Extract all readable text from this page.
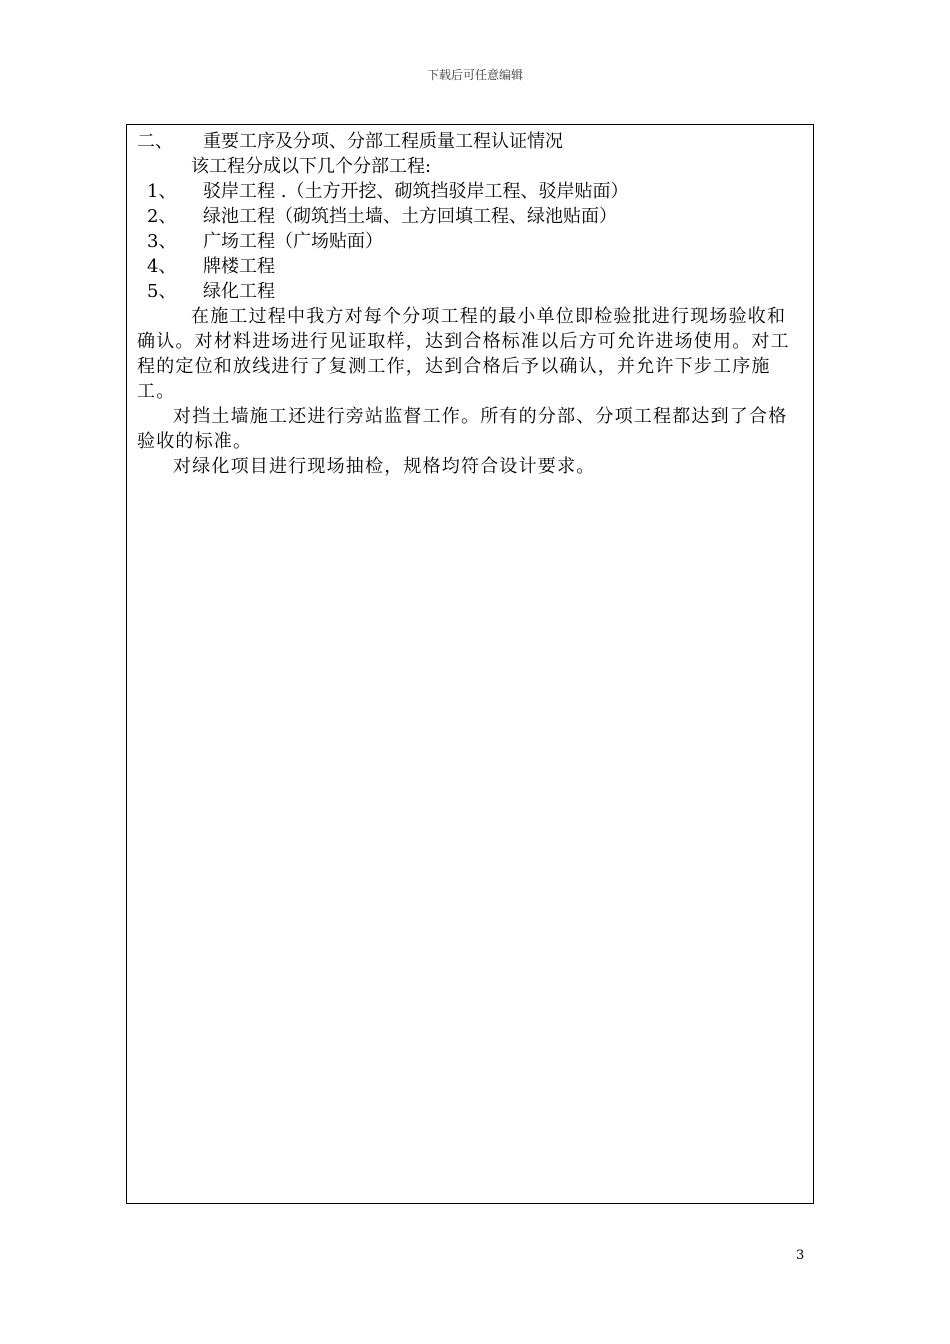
下载后可任意编辑
二、 重要工序及分项、分部工程质量工程认证情况
该工程分成以下几个分部工程:
1、 驳岸工程 .（土方开挖、砌筑挡驳岸工程、驳岸贴面）
2、 绿池工程（砌筑挡土墙、土方回填工程、绿池贴面）
3、 广场工程（广场贴面）
4、 牌楼工程
5、 绿化工程
在施工过程中我方对每个分项工程的最小单位即检验批进行现场验收和确认。对材料进场进行见证取样，达到合格标准以后方可允许进场使用。对工程的定位和放线进行了复测工作，达到合格后予以确认，并允许下步工序施工。
对挡土墙施工还进行旁站监督工作。所有的分部、分项工程都达到了合格验收的标准。
对绿化项目进行现场抽检，规格均符合设计要求。
3
